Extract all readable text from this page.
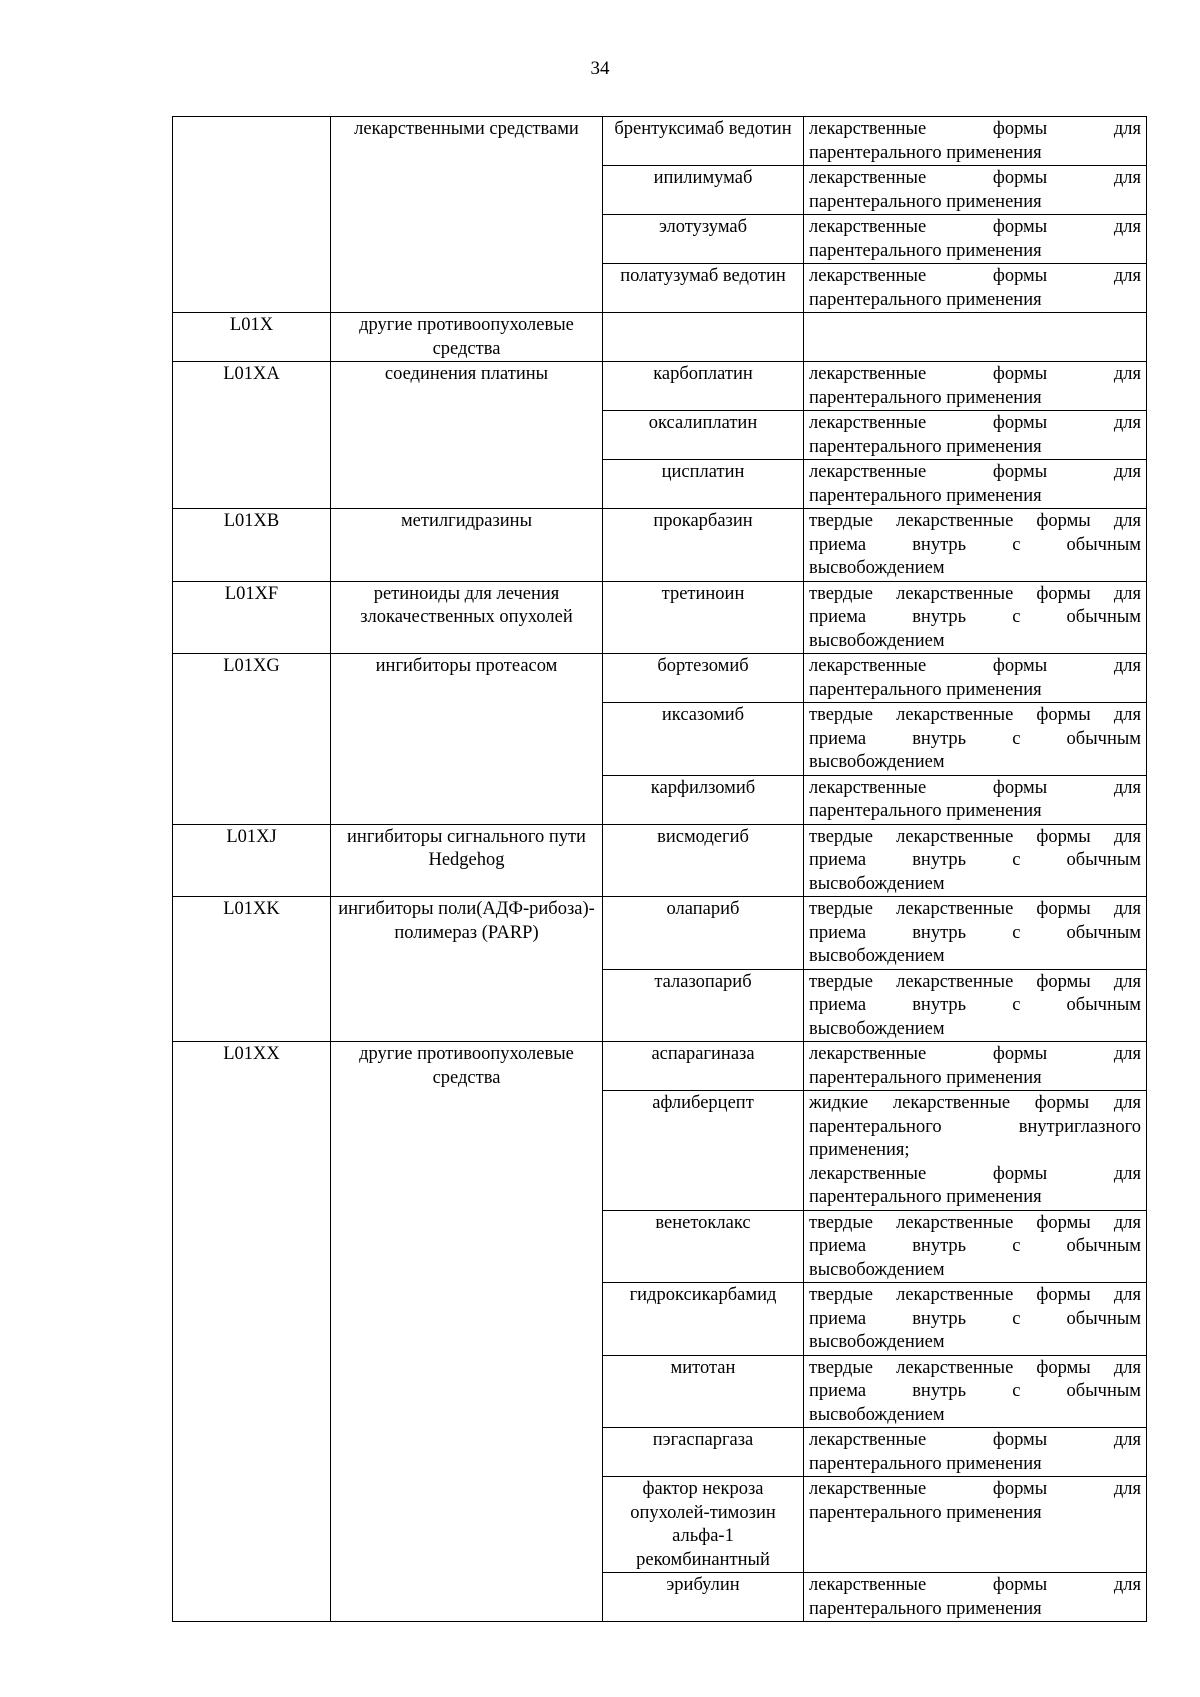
34
	лекарственными средствами	брентуксимаб ведотин	лекарственные формы для парентерального применения
		ипилимумаб	лекарственные формы для парентерального применения
		элотузумаб	лекарственные формы для парентерального применения
		полатузумаб ведотин	лекарственные формы для парентерального применения
L01X	другие противоопухолевые средства		
L01XA	соединения платины	карбоплатин	лекарственные формы для парентерального применения
		оксалиплатин	лекарственные формы для парентерального применения
		цисплатин	лекарственные формы для парентерального применения
L01XB	метилгидразины	прокарбазин	твердые лекарственные формы для приема внутрь с обычным высвобождением
L01XF	ретиноиды для лечения злокачественных опухолей	третиноин	твердые лекарственные формы для приема внутрь с обычным высвобождением
L01XG	ингибиторы протеасом	бортезомиб	лекарственные формы для парентерального применения
		иксазомиб	твердые лекарственные формы для приема внутрь с обычным высвобождением
		карфилзомиб	лекарственные формы для парентерального применения
L01XJ	ингибиторы сигнального пути Hedgehog	висмодегиб	твердые лекарственные формы для приема внутрь с обычным высвобождением
L01XK	ингибиторы поли(АДФ-рибоза)-полимераз (PARP)	олапариб	твердые лекарственные формы для приема внутрь с обычным высвобождением
		талазопариб	твердые лекарственные формы для приема внутрь с обычным высвобождением
L01XX	другие противоопухолевые средства	аспарагиназа	лекарственные формы для парентерального применения
		афлиберцепт	жидкие лекарственные формы для парентерального внутриглазного применения;
лекарственные формы для парентерального применения

		венетоклакс	твердые лекарственные формы для приема внутрь с обычным высвобождением
		гидроксикарбамид	твердые лекарственные формы для приема внутрь с обычным высвобождением
		митотан	твердые лекарственные формы для приема внутрь с обычным высвобождением
		пэгаспаргаза	лекарственные формы для парентерального применения
		фактор некроза опухолей-тимозин альфа-1 рекомбинантный	лекарственные формы для парентерального применения
		эрибулин	лекарственные формы для парентерального применения
